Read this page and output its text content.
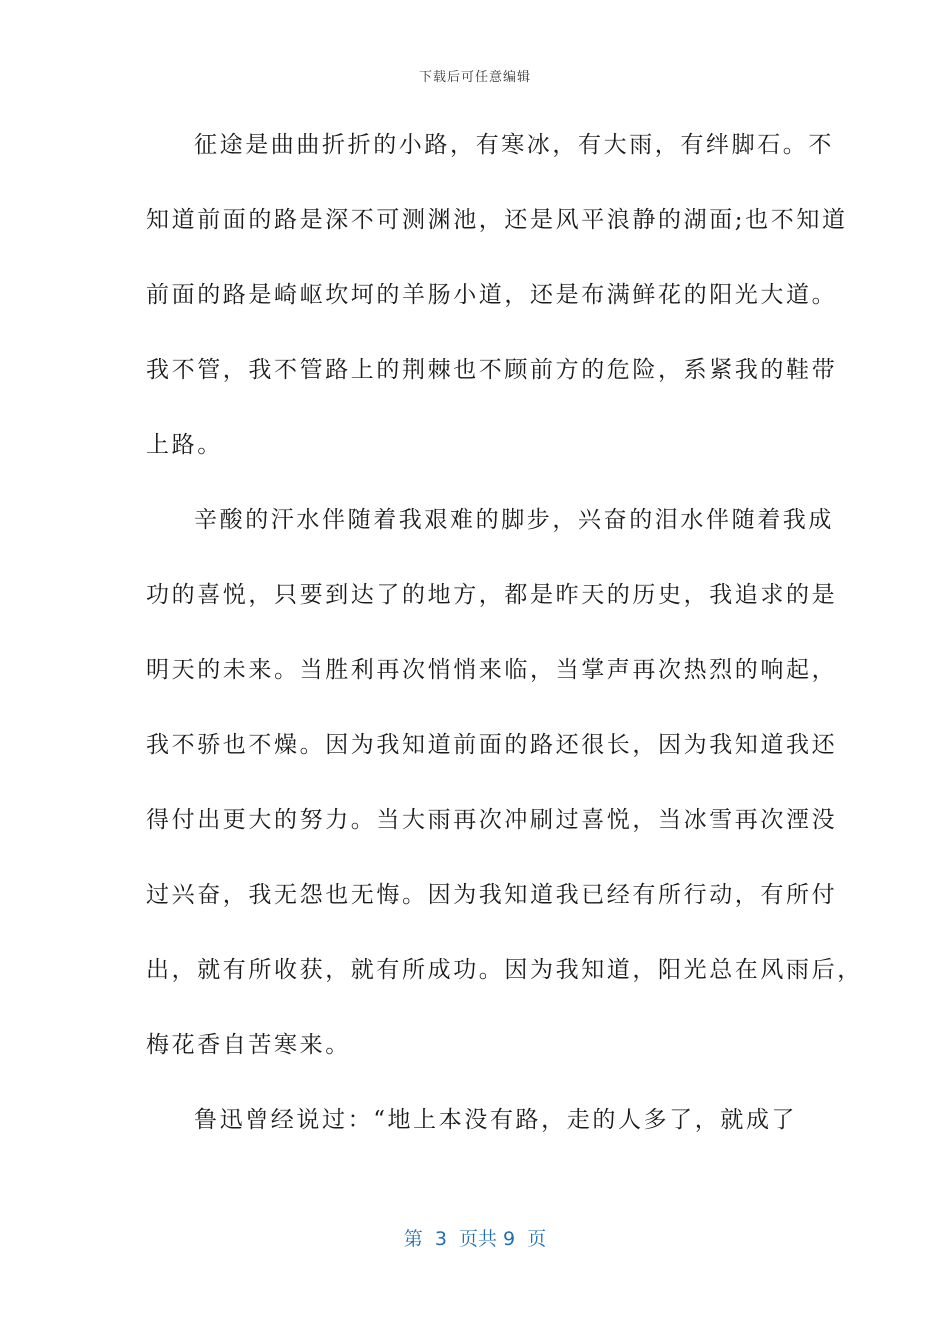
下载后可任意编辑
征途是曲曲折折的小路，有寒冰，有大雨，有绊脚石。不
知道前面的路是深不可测渊池，还是风平浪静的湖面;也不知道
前面的路是崎岖坎坷的羊肠小道，还是布满鲜花的阳光大道。
我不管，我不管路上的荆棘也不顾前方的危险，系紧我的鞋带
上路。
辛酸的汗水伴随着我艰难的脚步，兴奋的泪水伴随着我成
功的喜悦，只要到达了的地方，都是昨天的历史，我追求的是
明天的未来。当胜利再次悄悄来临，当掌声再次热烈的响起，
我不骄也不燥。因为我知道前面的路还很长，因为我知道我还
得付出更大的努力。当大雨再次冲刷过喜悦，当冰雪再次湮没
过兴奋，我无怨也无悔。因为我知道我已经有所行动，有所付
出，就有所收获，就有所成功。因为我知道，阳光总在风雨后，
梅花香自苦寒来。
鲁迅曾经说过：“地上本没有路，走的人多了，就成了
第  3  页共 9  页
